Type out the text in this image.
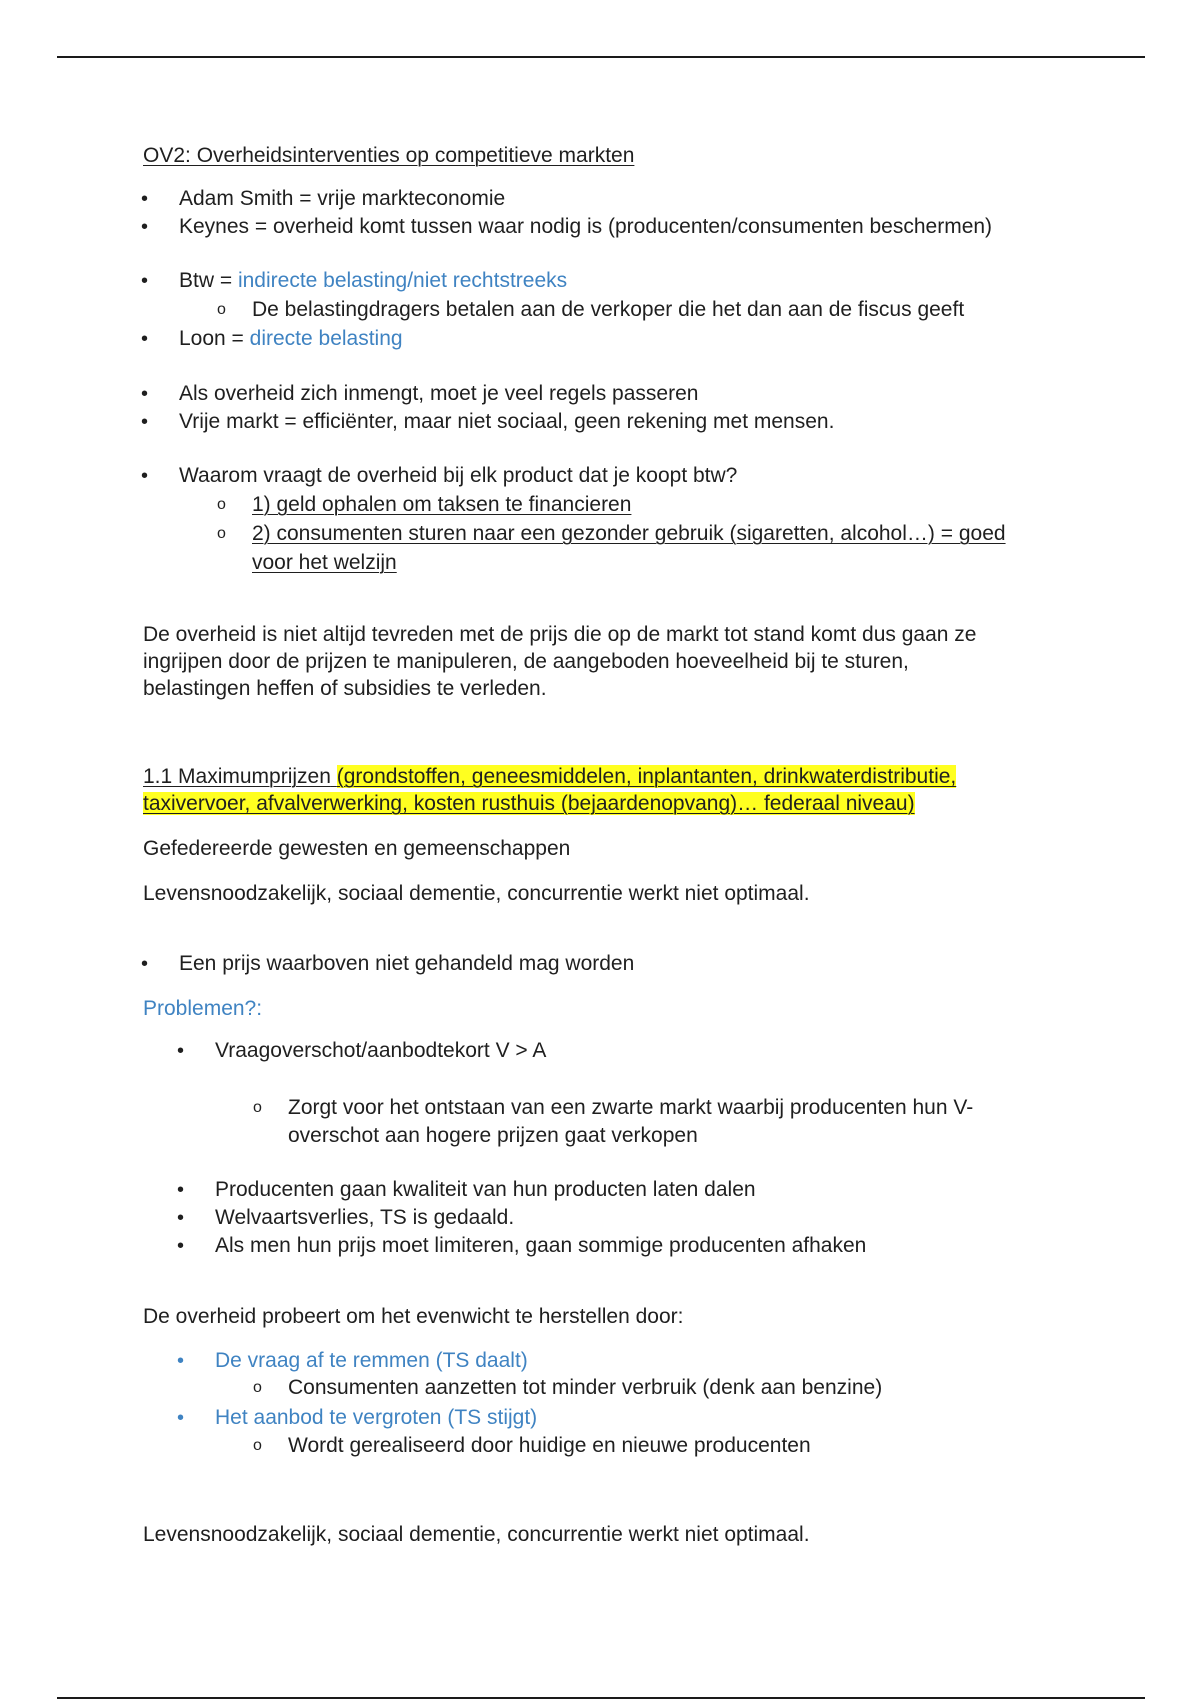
OV2: Overheidsinterventies op competitieve markten
• Adam Smith = vrije markteconomie
• Keynes = overheid komt tussen waar nodig is (producenten/consumenten beschermen)
• Btw = indirecte belasting/niet rechtstreeks
o De belastingdragers betalen aan de verkoper die het dan aan de fiscus geeft
• Loon = directe belasting
• Als overheid zich inmengt, moet je veel regels passeren
• Vrije markt = efficiënter, maar niet sociaal, geen rekening met mensen.
• Waarom vraagt de overheid bij elk product dat je koopt btw?
o 1) geld ophalen om taksen te financieren
o 2) consumenten sturen naar een gezonder gebruik (sigaretten, alcohol…) = goed
voor het welzijn
De overheid is niet altijd tevreden met de prijs die op de markt tot stand komt dus gaan ze
ingrijpen door de prijzen te manipuleren, de aangeboden hoeveelheid bij te sturen,
belastingen heffen of subsidies te verleden.
1.1 Maximumprijzen (grondstoffen, geneesmiddelen, inplantanten, drinkwaterdistributie,
taxivervoer, afvalverwerking, kosten rusthuis (bejaardenopvang)… federaal niveau)
Gefedereerde gewesten en gemeenschappen
Levensnoodzakelijk, sociaal dementie, concurrentie werkt niet optimaal.
• Een prijs waarboven niet gehandeld mag worden
Problemen?:
• Vraagoverschot/aanbodtekort V > A
o Zorgt voor het ontstaan van een zwarte markt waarbij producenten hun V-
overschot aan hogere prijzen gaat verkopen
• Producenten gaan kwaliteit van hun producten laten dalen
• Welvaartsverlies, TS is gedaald.
• Als men hun prijs moet limiteren, gaan sommige producenten afhaken
De overheid probeert om het evenwicht te herstellen door:
• De vraag af te remmen (TS daalt)
o Consumenten aanzetten tot minder verbruik (denk aan benzine)
• Het aanbod te vergroten (TS stijgt)
o Wordt gerealiseerd door huidige en nieuwe producenten
Levensnoodzakelijk, sociaal dementie, concurrentie werkt niet optimaal.
